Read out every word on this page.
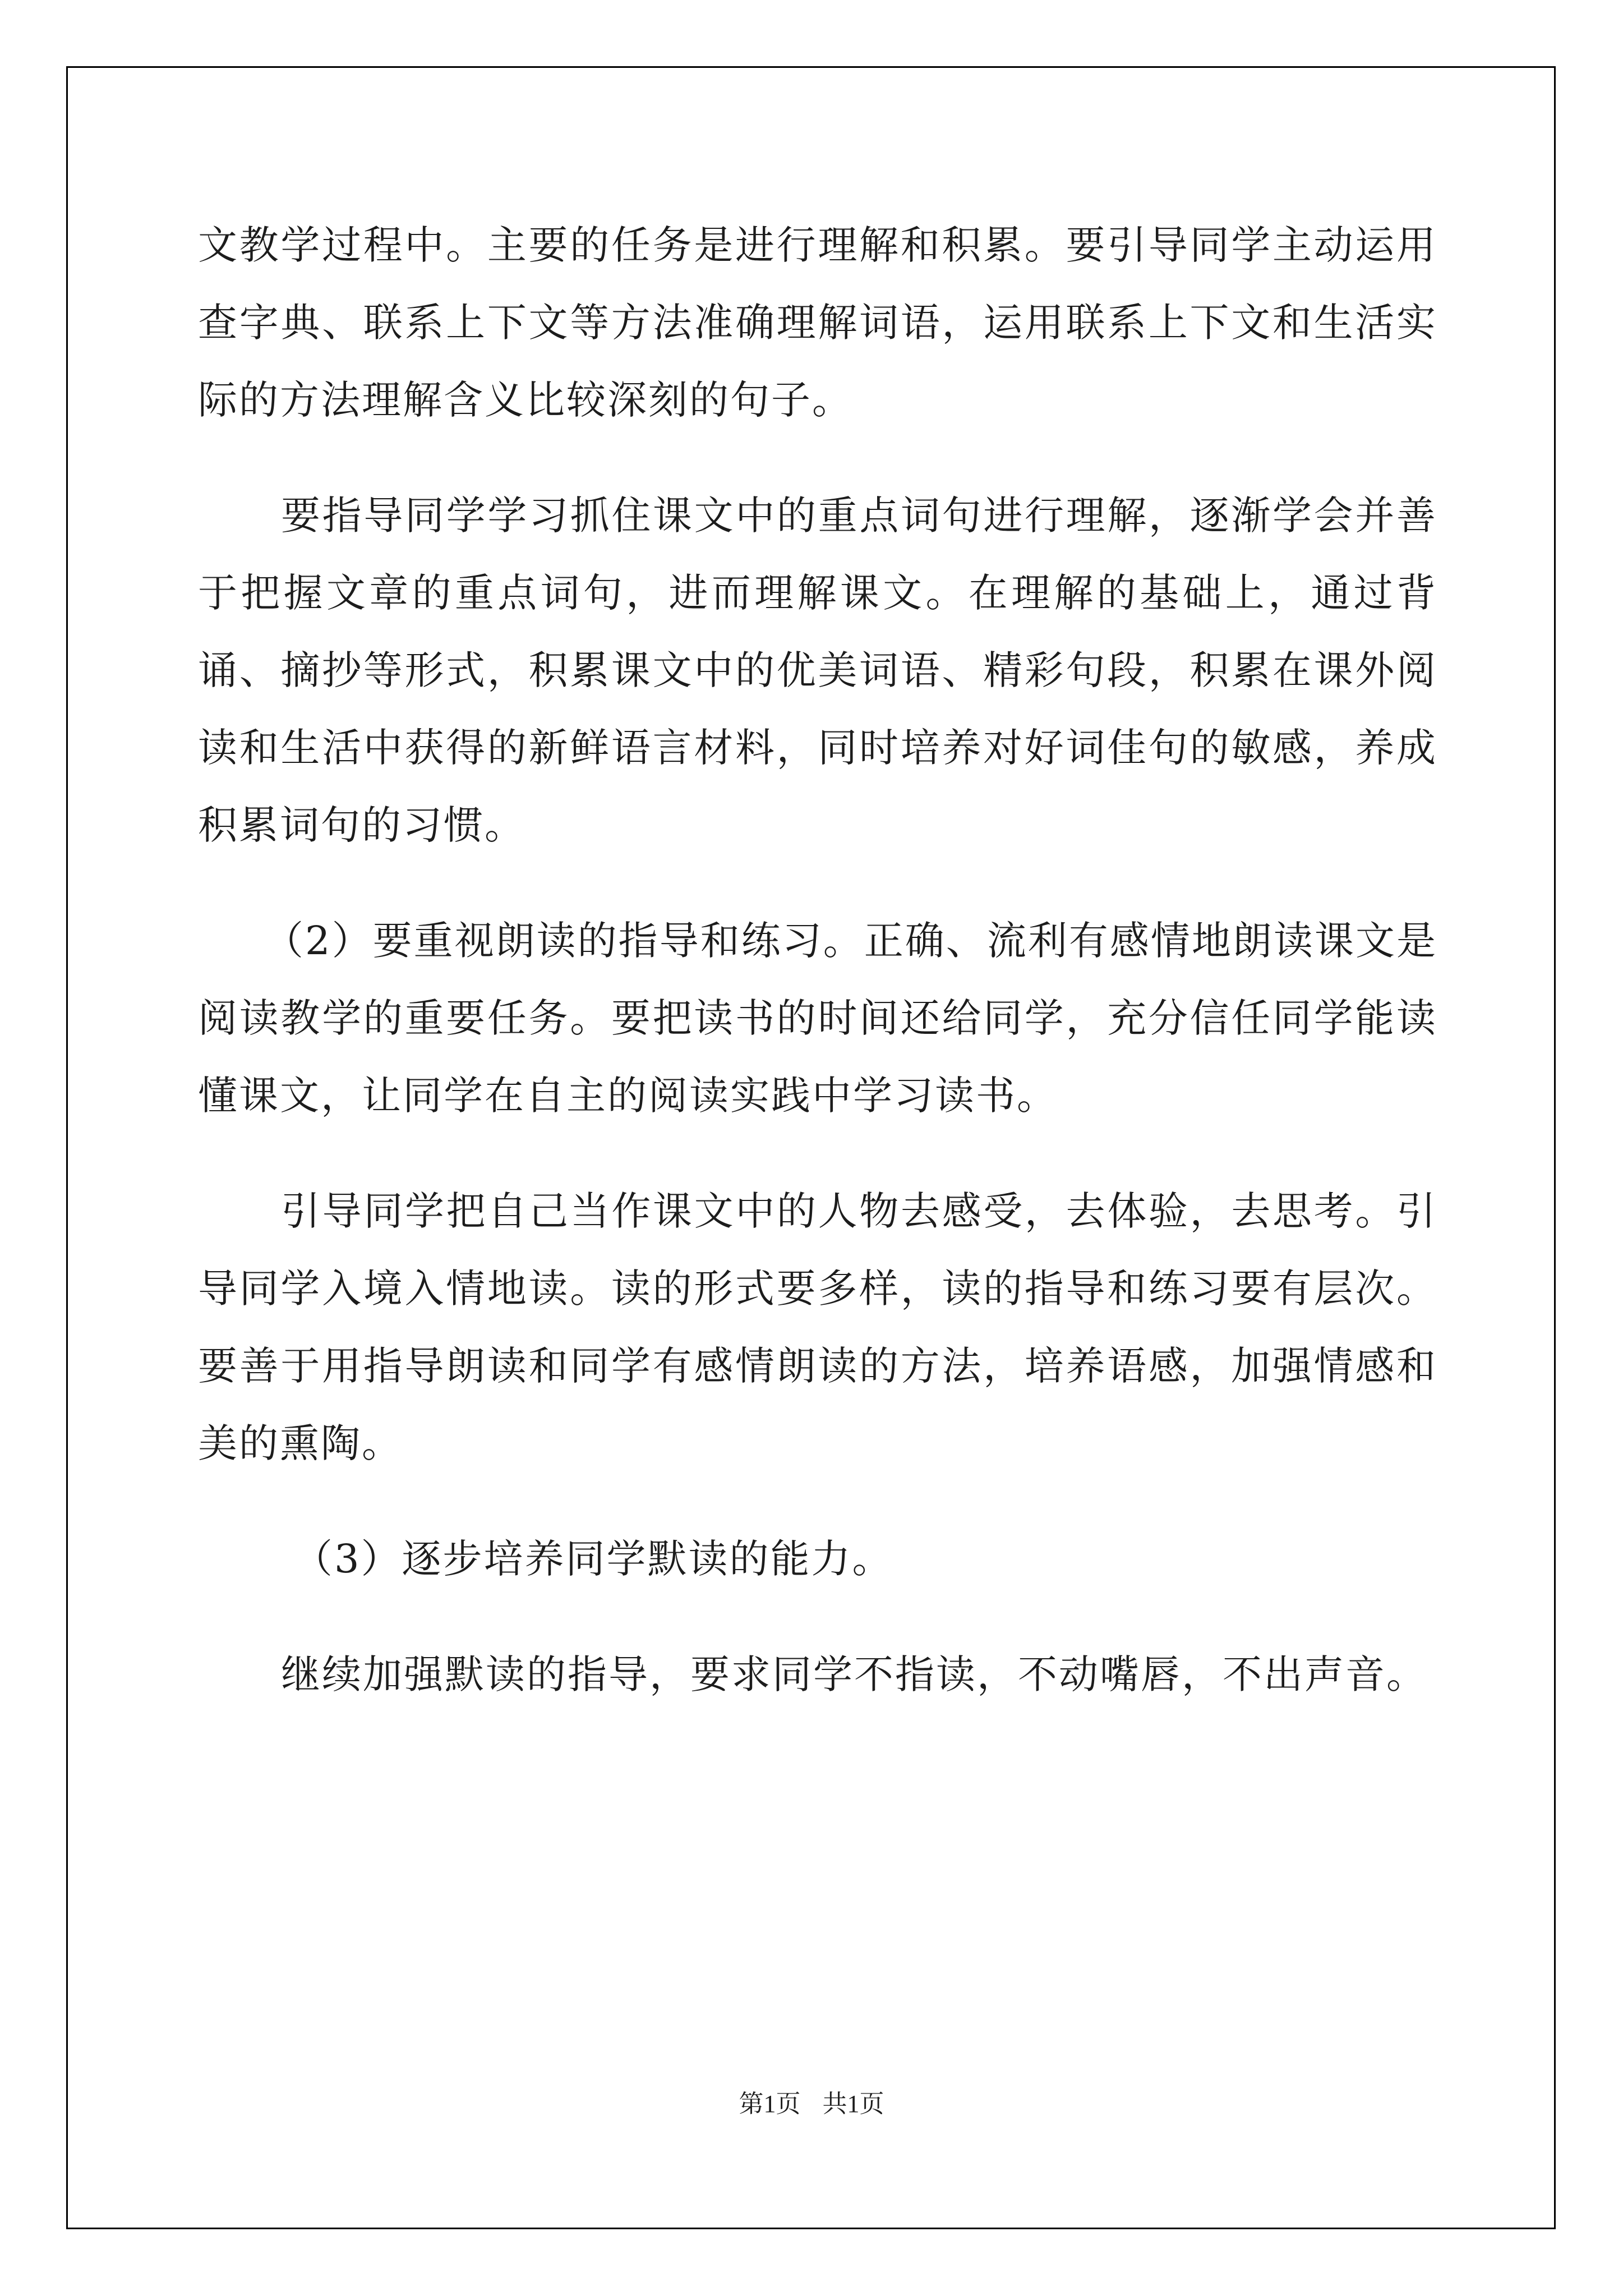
文教学过程中。主要的任务是进行理解和积累。要引导同学主动运用查字典、联系上下文等方法准确理解词语，运用联系上下文和生活实际的方法理解含义比较深刻的句子。

要指导同学学习抓住课文中的重点词句进行理解，逐渐学会并善于把握文章的重点词句，进而理解课文。在理解的基础上，通过背诵、摘抄等形式，积累课文中的优美词语、精彩句段，积累在课外阅读和生活中获得的新鲜语言材料，同时培养对好词佳句的敏感，养成积累词句的习惯。

（2）要重视朗读的指导和练习。正确、流利有感情地朗读课文是阅读教学的重要任务。要把读书的时间还给同学，充分信任同学能读懂课文，让同学在自主的阅读实践中学习读书。

引导同学把自己当作课文中的人物去感受，去体验，去思考。引导同学入境入情地读。读的形式要多样，读的指导和练习要有层次。要善于用指导朗读和同学有感情朗读的方法，培养语感，加强情感和美的熏陶。

（3）逐步培养同学默读的能力。

继续加强默读的指导，要求同学不指读，不动嘴唇，不出声音。

第1页 共1页
